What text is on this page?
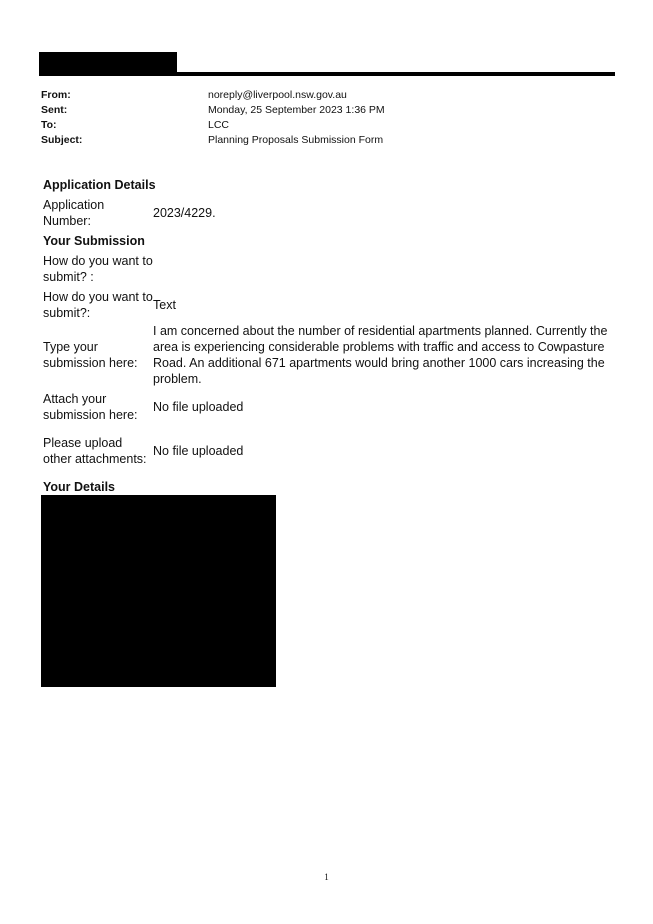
From:	noreply@liverpool.nsw.gov.au
Sent:	Monday, 25 September 2023 1:36 PM
To:	LCC
Subject:	Planning Proposals Submission Form
Application Details
Application Number:
2023/4229.
Your Submission
How do you want to submit? :
How do you want to submit?:
Text
Type your submission here:
I am concerned about the number of residential apartments planned. Currently the area is experiencing considerable problems with traffic and access to Cowpasture Road. An additional 671 apartments would bring another 1000 cars increasing the problem.
Attach your submission here:
No file uploaded
Please upload other attachments:
No file uploaded
Your Details
1
